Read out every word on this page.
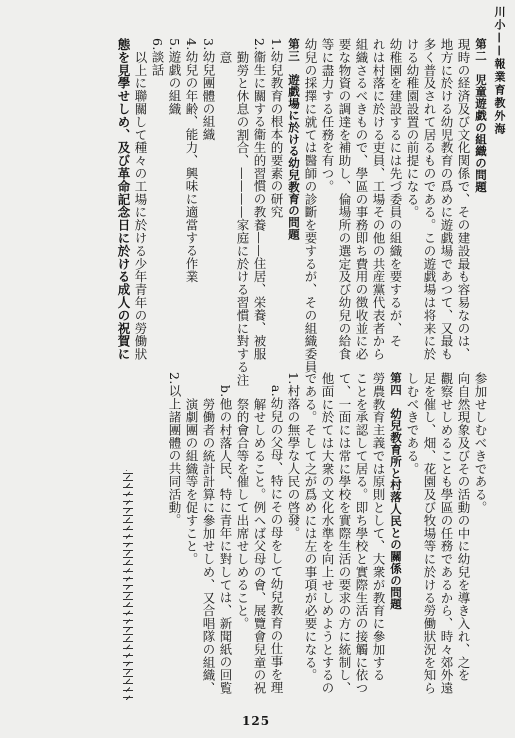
川小——報業育教外海
第二　児童遊戯の組織の問題
現時の経済及び文化関係で、その建設最も容易なのは、
地方に於ける幼児教育の爲めに遊戯場であつて、又最も
多く普及されて居るものである。この遊戯場は将来に於
ける幼稚園設置の前提になる。
幼稚園を建設するには先づ委員の組織を要するが、そ
れは村落に於ける吏員、工場その他の共産黨代表者から
組織さるべきもので、學區の事務即ち費用の徴收並に必
要な物資の調達を補助し、倫場所の選定及び幼兒の給食
等に盡力する任務を有つ。
幼兒の採擇に就ては醫師の診斷を要するが、その組織委員
第三　遊戯場に於ける幼兒教育の問題
1.幼兒教育の根本的要素の研究
2.衞生に關する衞生的習慣の教養——住居、栄養、被服
　勤勞と休息の割合、————家庭に於ける習慣に對する注
　意
3.幼兒團體の組織
4.幼兒の年齢、能力、興味に適當する作業
5.遊戯の組織
6.談話
　以上に聯關して種々の工場に於ける少年青年の勞働狀
態を見學せしめ、及び革命記念日に於ける成人の祝賀に
参加せしむべきである。
向自然現象及びその活動の中に幼兒を導き入れ、之を
觀察せしめることも學區の任務であるから、時々郊外遠
足を催し、畑、花園及び牧場等に於ける勞働狀況を知ら
しむべきである。
第四　幼兒教育所と村落人民との關係の問題
勞農教育主義では原則として、大衆が教育に參加する
ことを承認して居る。即ち學校と實際生活の接觸に依つ
て、一面には常に學校を實際生活の要求の方に統制し、
他面に於ては大衆の文化水準を向上せしめようとするの
である。そして之が爲めには左の事項が必要になる。
1.村落の無學な人民の啓發。
　a.幼兒の父母、特にその母をして幼兒教育の仕事を理
　　解せしめること。例へば父母の會、展覽會兒童の祝
　　祭的會合等を催して出席せしめること。
　b.他の村落人民、特に青年に對しては、新聞紙の回覧
　　勞働者の統計計算に參加せしめ、又合唱隊の組織、
　　演劇團の組織等を促すこと。
2.以上諸團體の共同活動。
125
